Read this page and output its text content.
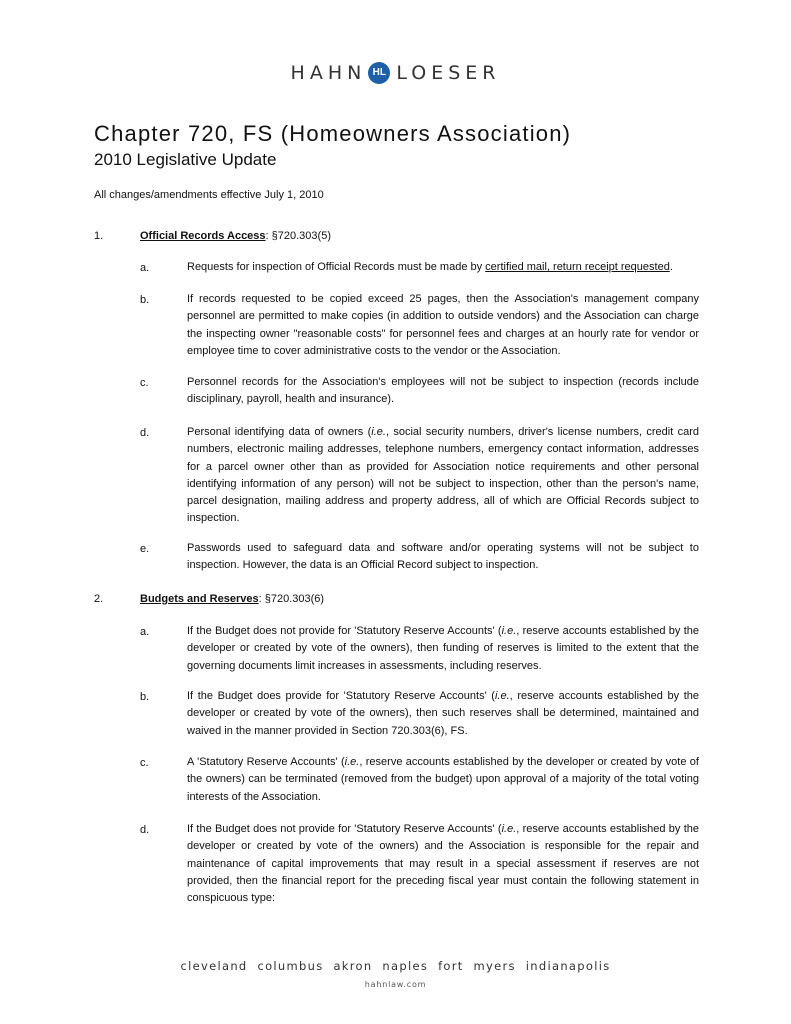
HAHN HL LOESER
Chapter 720, FS (Homeowners Association)
2010 Legislative Update
All changes/amendments effective July 1, 2010
1.	Official Records Access: §720.303(5)
a.	Requests for inspection of Official Records must be made by certified mail, return receipt requested.

b.	If records requested to be copied exceed 25 pages, then the Association's management company personnel are permitted to make copies (in addition to outside vendors) and the Association can charge the inspecting owner "reasonable costs" for personnel fees and charges at an hourly rate for vendor or employee time to cover administrative costs to the vendor or the Association.

c.	Personnel records for the Association's employees will not be subject to inspection (records include disciplinary, payroll, health and insurance).

d.	Personal identifying data of owners (i.e., social security numbers, driver's license numbers, credit card numbers, electronic mailing addresses, telephone numbers, emergency contact information, addresses for a parcel owner other than as provided for Association notice requirements and other personal identifying information of any person) will not be subject to inspection, other than the person's name, parcel designation, mailing address and property address, all of which are Official Records subject to inspection.

e.	Passwords used to safeguard data and software and/or operating systems will not be subject to inspection. However, the data is an Official Record subject to inspection.

2.	Budgets and Reserves: §720.303(6)
a.	If the Budget does not provide for 'Statutory Reserve Accounts' (i.e., reserve accounts established by the developer or created by vote of the owners), then funding of reserves is limited to the extent that the governing documents limit increases in assessments, including reserves.

b.	If the Budget does provide for 'Statutory Reserve Accounts' (i.e., reserve accounts established by the developer or created by vote of the owners), then such reserves shall be determined, maintained and waived in the manner provided in Section 720.303(6), FS.

c.	A 'Statutory Reserve Accounts' (i.e., reserve accounts established by the developer or created by vote of the owners) can be terminated (removed from the budget) upon approval of a majority of the total voting interests of the Association.

d.	If the Budget does not provide for 'Statutory Reserve Accounts' (i.e., reserve accounts established by the developer or created by vote of the owners) and the Association is responsible for the repair and maintenance of capital improvements that may result in a special assessment if reserves are not provided, then the financial report for the preceding fiscal year must contain the following statement in conspicuous type:

cleveland columbus akron naples fort myers indianapolis
hahnlaw.com
